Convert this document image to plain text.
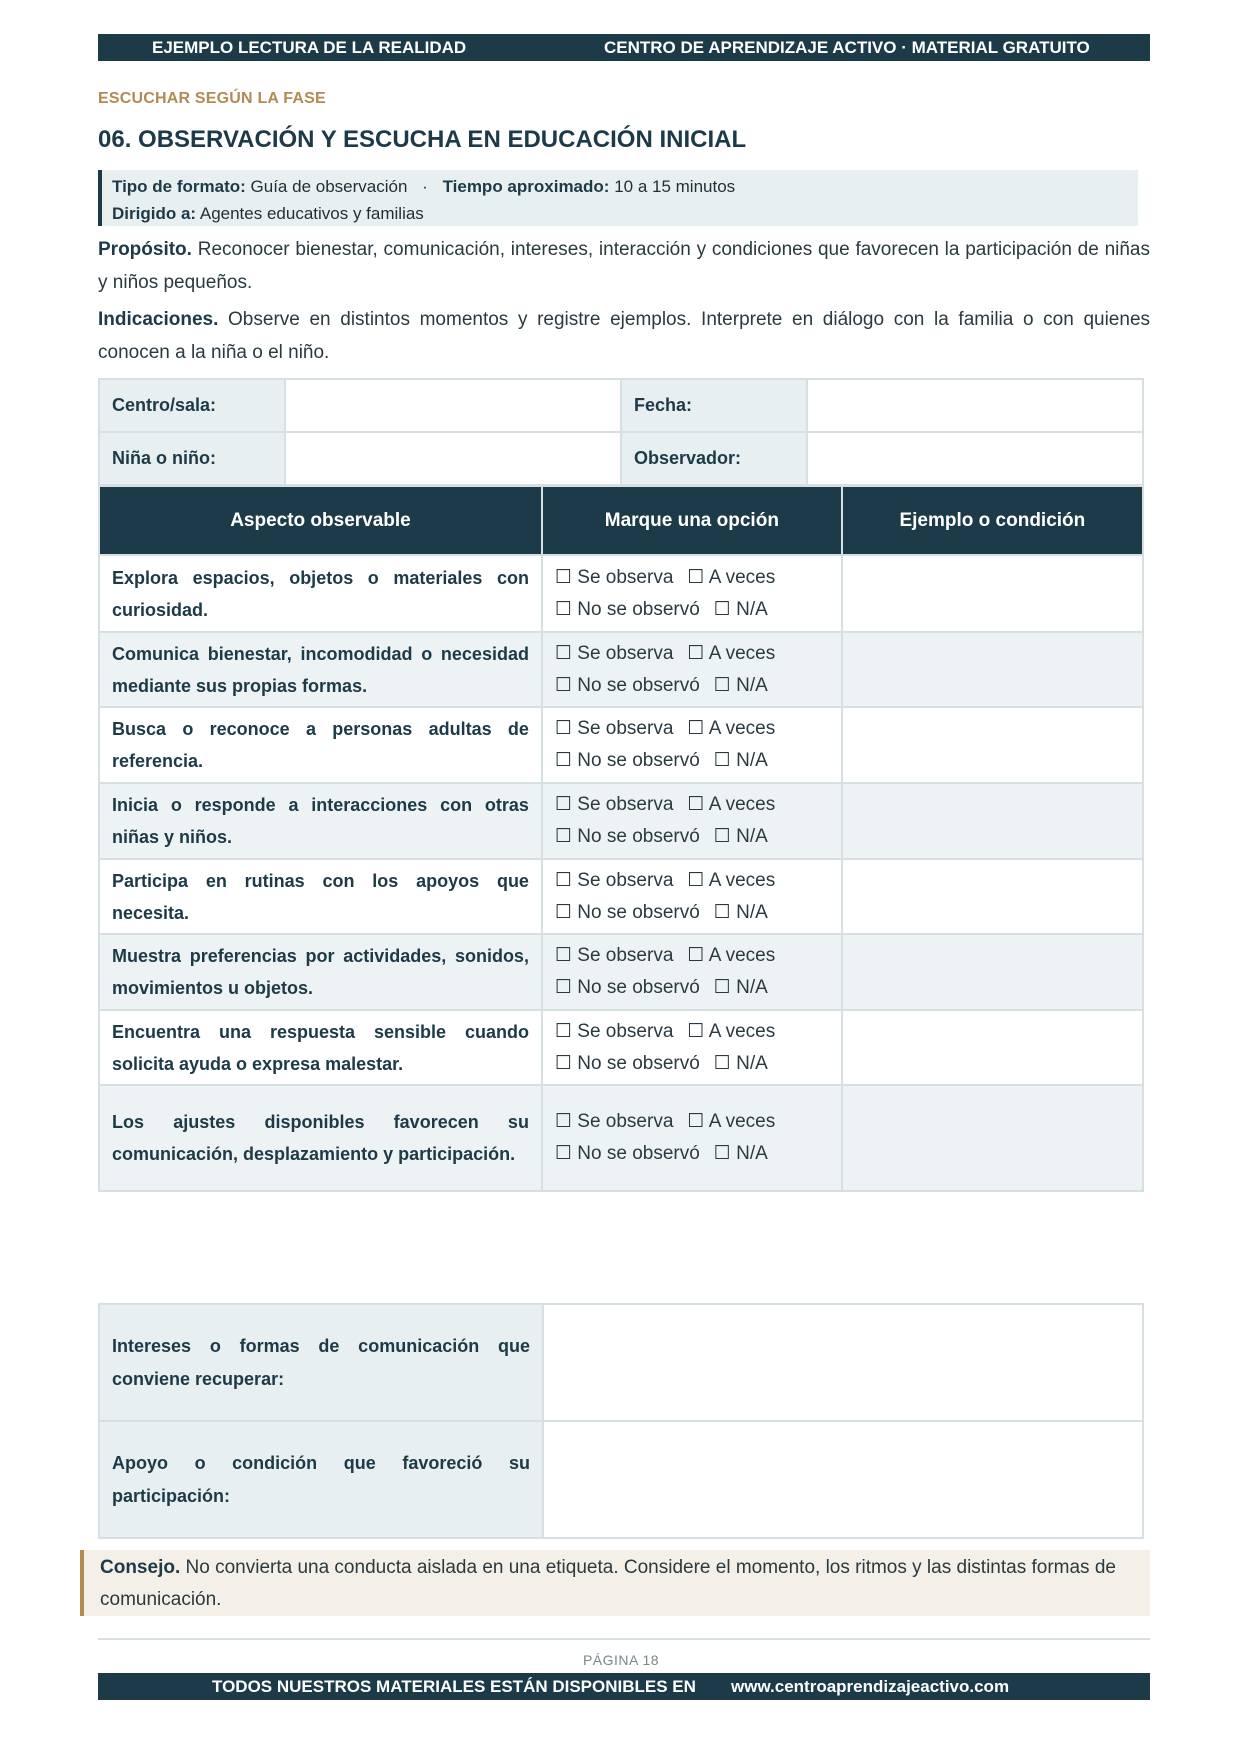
EJEMPLO LECTURA DE LA REALIDAD	CENTRO DE APRENDIZAJE ACTIVO · MATERIAL GRATUITO
ESCUCHAR SEGÚN LA FASE
06. OBSERVACIÓN Y ESCUCHA EN EDUCACIÓN INICIAL
Tipo de formato: Guía de observación · Tiempo aproximado: 10 a 15 minutos
Dirigido a: Agentes educativos y familias
Propósito. Reconocer bienestar, comunicación, intereses, interacción y condiciones que favorecen la participación de niñas y niños pequeños.
Indicaciones. Observe en distintos momentos y registre ejemplos. Interprete en diálogo con la familia o con quienes conocen a la niña o el niño.
Centro/sala:		Fecha:	
Niña o niño:		Observador:	
Aspecto observable	Marque una opción	Ejemplo o condición
Explora espacios, objetos o materiales con curiosidad.	☐ Se observa ☐ A veces
☐ No se observó ☐ N/A	

Comunica bienestar, incomodidad o necesidad mediante sus propias formas.	☐ Se observa ☐ A veces
☐ No se observó ☐ N/A	

Busca o reconoce a personas adultas de referencia.	☐ Se observa ☐ A veces
☐ No se observó ☐ N/A	

Inicia o responde a interacciones con otras niñas y niños.	☐ Se observa ☐ A veces
☐ No se observó ☐ N/A	

Participa en rutinas con los apoyos que necesita.	☐ Se observa ☐ A veces
☐ No se observó ☐ N/A	

Muestra preferencias por actividades, sonidos, movimientos u objetos.	☐ Se observa ☐ A veces
☐ No se observó ☐ N/A	

Encuentra una respuesta sensible cuando solicita ayuda o expresa malestar.	☐ Se observa ☐ A veces
☐ No se observó ☐ N/A	

Los ajustes disponibles favorecen su comunicación, desplazamiento y participación.	☐ Se observa ☐ A veces
☐ No se observó ☐ N/A	

Intereses o formas de comunicación que conviene recuperar:	
Apoyo o condición que favoreció su participación:	
Consejo. No convierta una conducta aislada en una etiqueta. Considere el momento, los ritmos y las distintas formas de comunicación.
PÁGINA 18
TODOS NUESTROS MATERIALES ESTÁN DISPONIBLES EN www.centroaprendizajeactivo.com
